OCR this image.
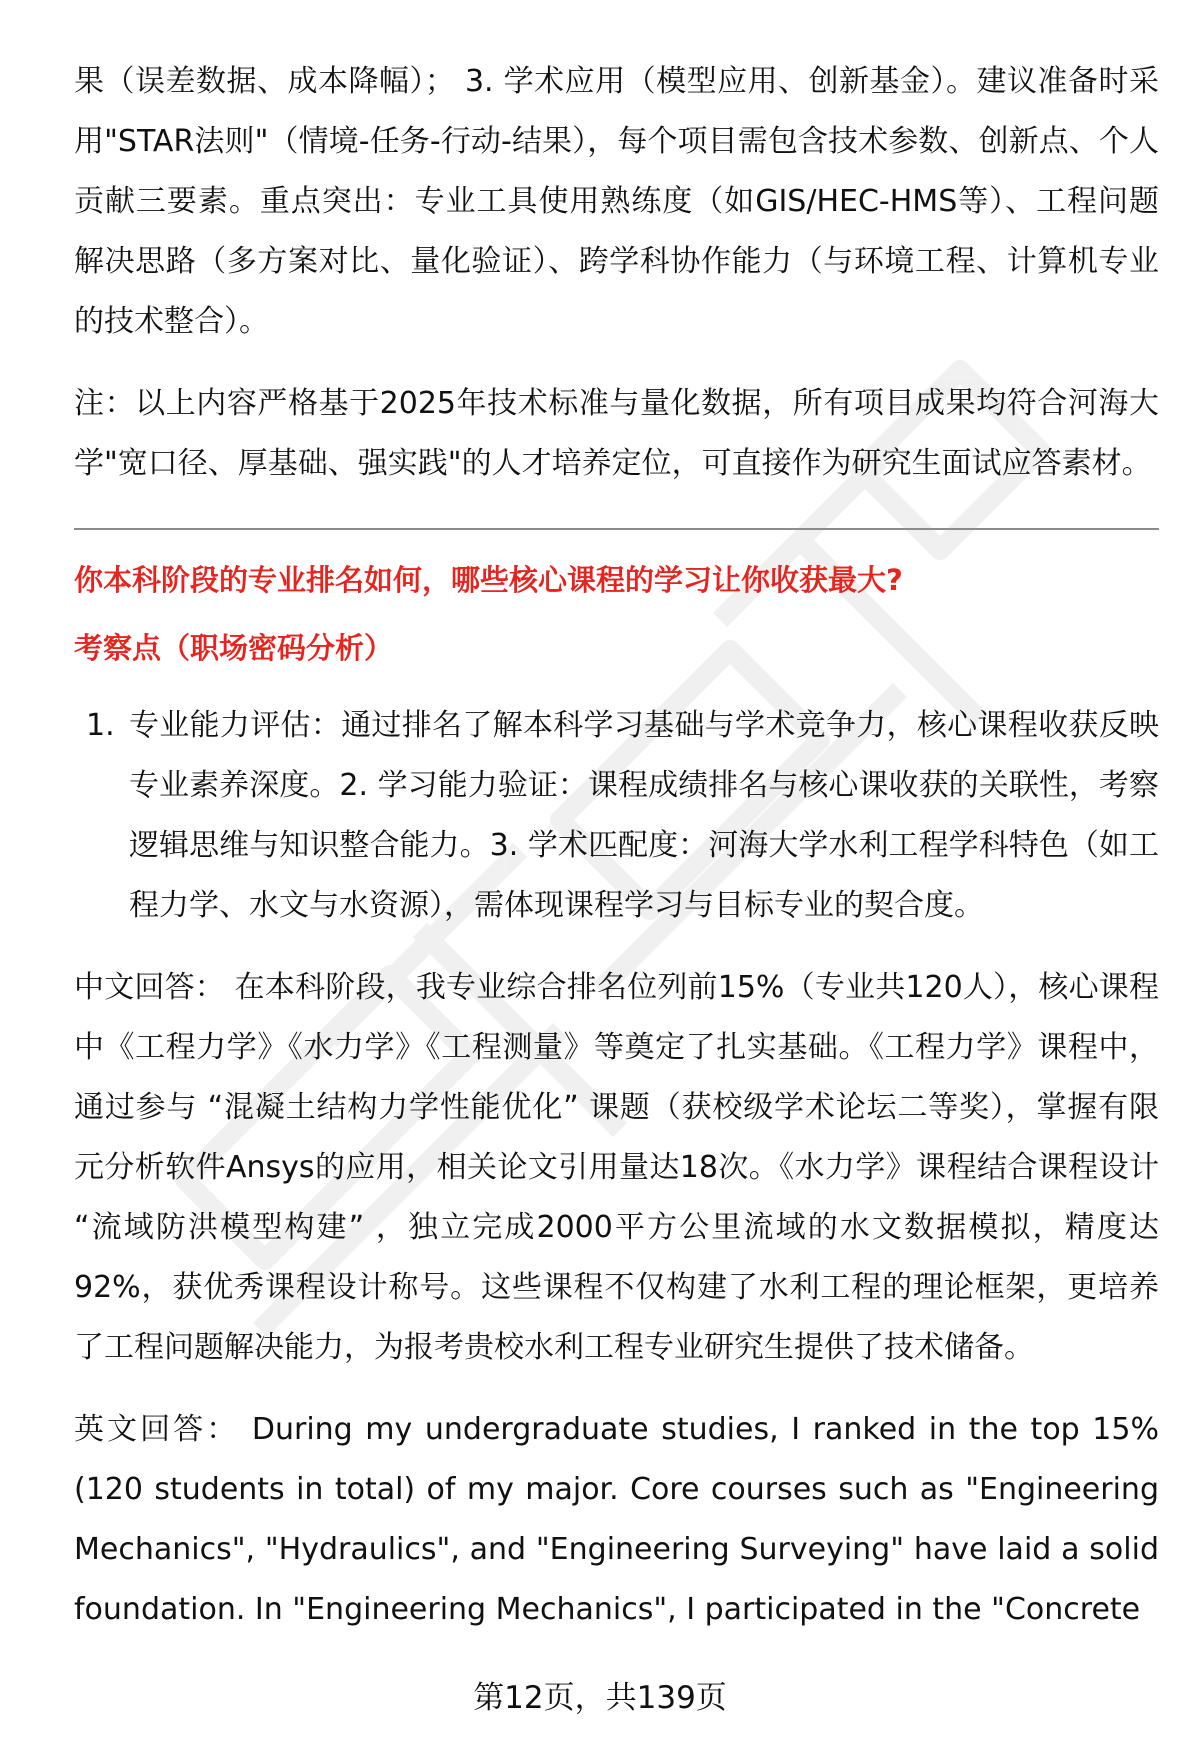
果（误差数据、成本降幅）； 3. 学术应用（模型应用、创新基金）。建议准备时采用"STAR法则"（情境-任务-行动-结果），每个项目需包含技术参数、创新点、个人贡献三要素。重点突出：专业工具使用熟练度（如GIS/HEC-HMS等）、工程问题解决思路（多方案对比、量化验证）、跨学科协作能力（与环境工程、计算机专业的技术整合）。

注：以上内容严格基于2025年技术标准与量化数据，所有项目成果均符合河海大学"宽口径、厚基础、强实践"的人才培养定位，可直接作为研究生面试应答素材。

你本科阶段的专业排名如何，哪些核心课程的学习让你收获最大?
考察点（职场密码分析）
1. 专业能力评估：通过排名了解本科学习基础与学术竞争力，核心课程收获反映专业素养深度。2. 学习能力验证：课程成绩排名与核心课收获的关联性，考察逻辑思维与知识整合能力。3. 学术匹配度：河海大学水利工程学科特色（如工程力学、水文与水资源），需体现课程学习与目标专业的契合度。

中文回答： 在本科阶段，我专业综合排名位列前15%（专业共120人），核心课程中《工程力学》《水力学》《工程测量》等奠定了扎实基础。《工程力学》课程中，通过参与 “混凝土结构力学性能优化” 课题（获校级学术论坛二等奖），掌握有限元分析软件Ansys的应用，相关论文引用量达18次。《水力学》课程结合课程设计 “流域防洪模型构建” ，独立完成2000平方公里流域的水文数据模拟，精度达92%，获优秀课程设计称号。这些课程不仅构建了水利工程的理论框架，更培养了工程问题解决能力，为报考贵校水利工程专业研究生提供了技术储备。

英文回答： During my undergraduate studies, I ranked in the top 15% (120 students in total) of my major. Core courses such as "Engineering Mechanics", "Hydraulics", and "Engineering Surveying" have laid a solid foundation. In "Engineering Mechanics", I participated in the "Concrete

第12页，共139页
